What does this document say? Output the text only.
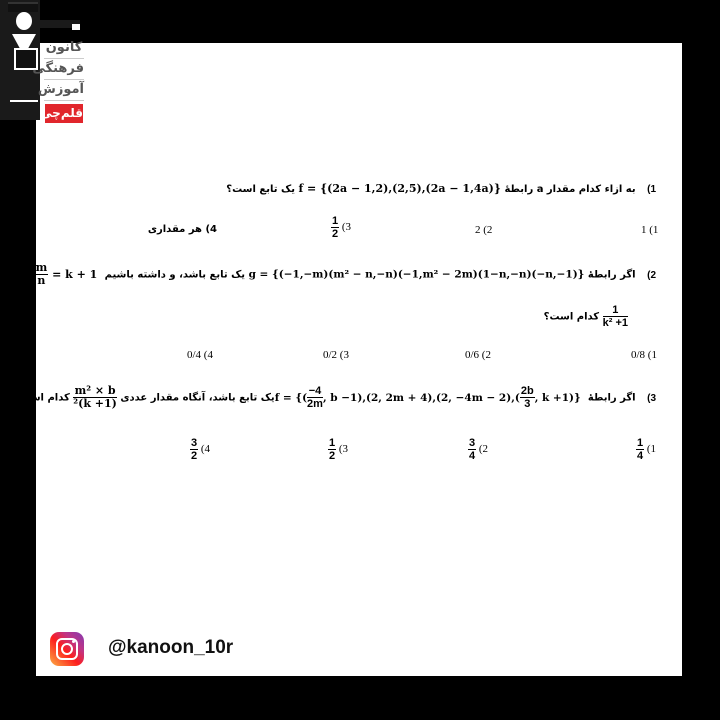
کانون
فرهنگی
آموزش
قلم‌چی
1) به ازاء کدام مقدار a رابطهٔ f = {(2a − 1,2),(2,5),(2a − 1,4a)} یک تابع است؟
1 (1
2 (2
$\frac{1}{2} (3$
4) هر مقداری
2) اگر رابطهٔ g = {(−1,−m)(m² − n,−n)(−1,m² − 2m)(1−n,−n)(−n,−1)} یک تابع باشد، و داشته باشیم
$\frac{m}{n} = k + 1$ آنگاه
$\frac{1}{\text{k² +1}}$
کدام است؟
0/8 (1
0/6 (2
0/2 (3
0/4 (4
3) اگر رابطهٔ f = {( $\frac{-4}{2m}$ , b −1),(2, 2m + 4),(2, $-4m - 2),( \frac{2b}{3}$ , k +1)} یک تابع باشد، آنگاه مقدار عددی
$\frac{\text{m² × b}}{\text{(k +1)²}}$
کدام است؟
$\frac{1}{4} (1$
$\frac{3}{4} (2$
$\frac{1}{2} (3$
$\frac{3}{2} (4$
@kanoon_10r
